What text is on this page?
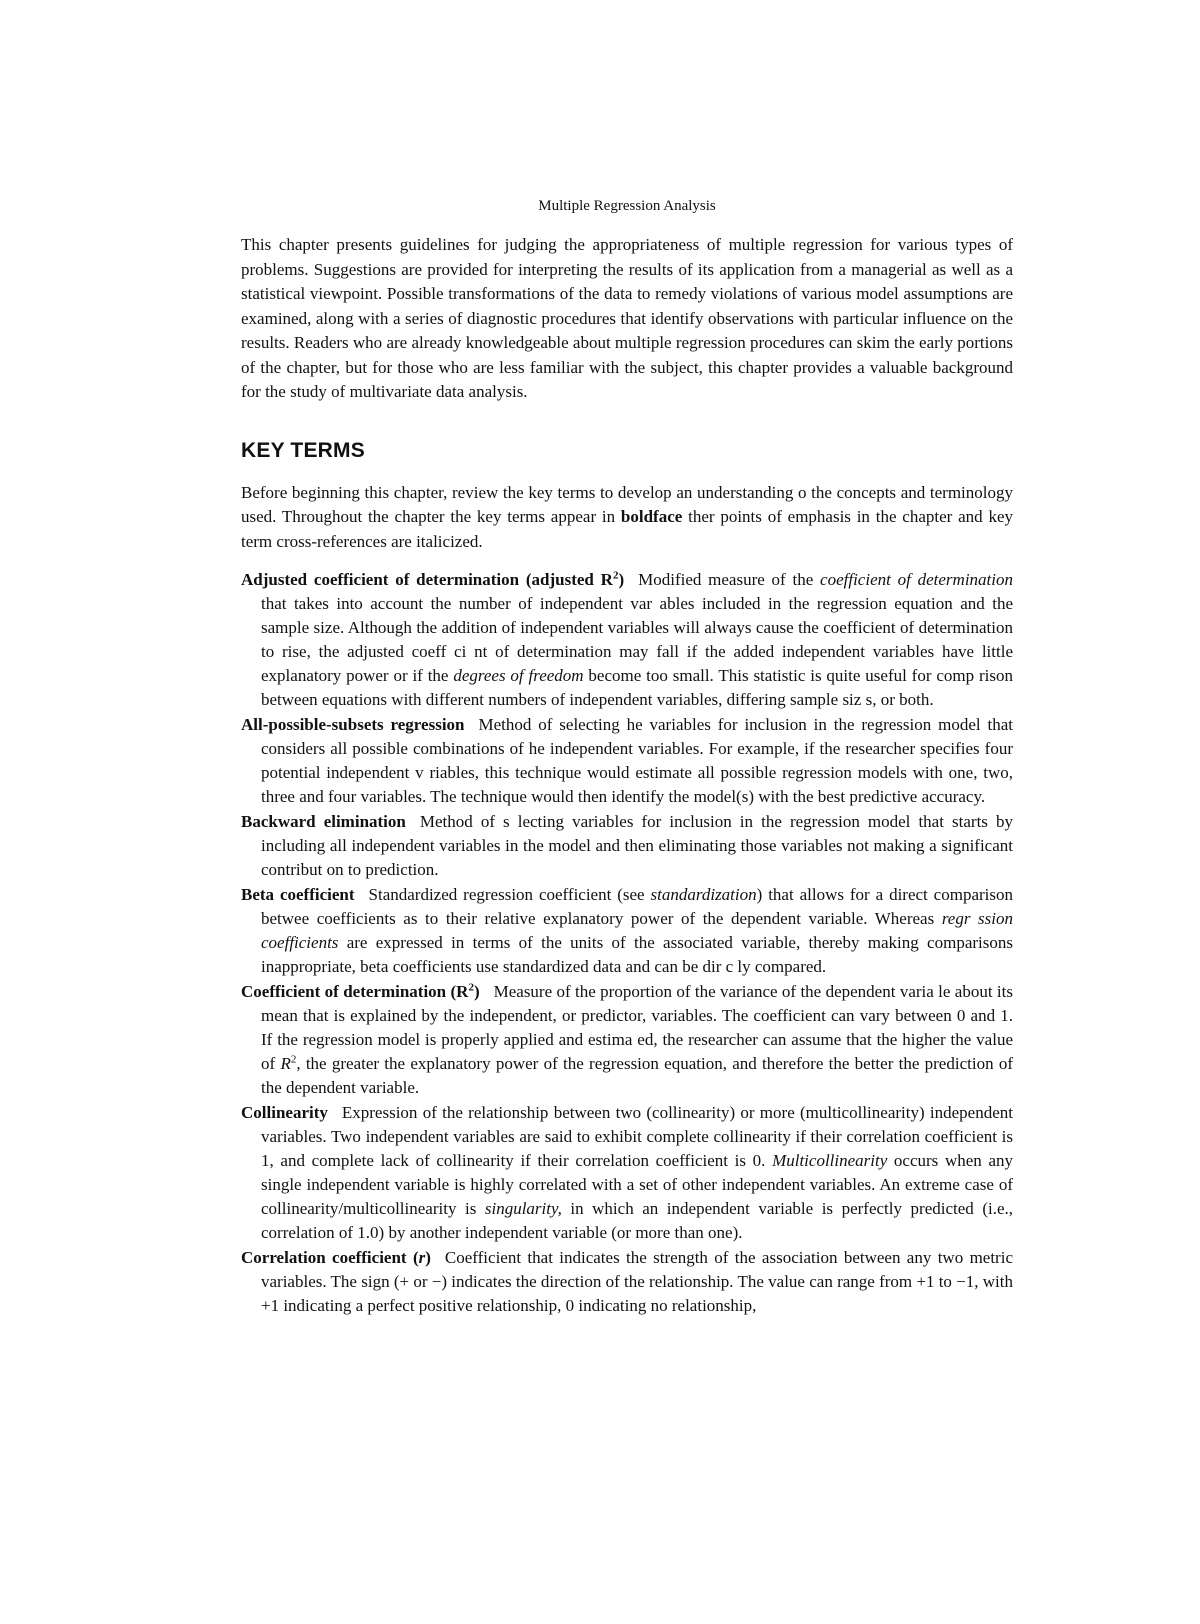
Multiple Regression Analysis

This chapter presents guidelines for judging the appropriateness of multiple regression for various types of problems. Suggestions are provided for interpreting the results of its application from a managerial as well as a statistical viewpoint. Possible transformations of the data to remedy violations of various model assumptions are examined, along with a series of diagnostic procedures that identify observations with particular influence on the results. Readers who are already knowledgeable about multiple regression procedures can skim the early portions of the chapter, but for those who are less familiar with the subject, this chapter provides a valuable background for the study of multivariate data analysis.

KEY TERMS

Before beginning this chapter, review the key terms to develop an understanding o the concepts and terminology used. Throughout the chapter the key terms appear in boldface ther points of emphasis in the chapter and key term cross-references are italicized.

Adjusted coefficient of determination (adjusted $R^2$) Modified measure of the coefficient of determination that takes into account the number of independent var ables included in the regression equation and the sample size. Although the addition of independent variables will always cause the coefficient of determination to rise, the adjusted coeff ci nt of determination may fall if the added independent variables have little explanatory power or if the degrees of freedom become too small. This statistic is quite useful for comp rison between equations with different numbers of independent variables, differing sample siz s, or both.
All-possible-subsets regression Method of selecting he variables for inclusion in the regression model that considers all possible combinations of he independent variables. For example, if the researcher specifies four potential independent v riables, this technique would estimate all possible regression models with one, two, three and four variables. The technique would then identify the model(s) with the best predictive accuracy.
Backward elimination Method of s lecting variables for inclusion in the regression model that starts by including all independent variables in the model and then eliminating those variables not making a significant contribut on to prediction.
Beta coefficient Standardized regression coefficient (see standardization) that allows for a direct comparison betwee coefficients as to their relative explanatory power of the dependent variable. Whereas regr ssion coefficients are expressed in terms of the units of the associated variable, thereby making comparisons inappropriate, beta coefficients use standardized data and can be dir c ly compared.
Coefficient of determination $(R^2)$ Measure of the proportion of the variance of the dependent varia le about its mean that is explained by the independent, or predictor, variables. The coefficient can vary between 0 and 1. If the regression model is properly applied and estima ed, the researcher can assume that the higher the value of $R^2$, the greater the explanatory power of the regression equation, and therefore the better the prediction of the dependent variable.
Collinearity Expression of the relationship between two (collinearity) or more (multicollinearity) independent variables. Two independent variables are said to exhibit complete collinearity if their correlation coefficient is 1, and complete lack of collinearity if their correlation coefficient is 0. Multicollinearity occurs when any single independent variable is highly correlated with a set of other independent variables. An extreme case of collinearity/multicollinearity is singularity, in which an independent variable is perfectly predicted (i.e., correlation of 1.0) by another independent variable (or more than one).
Correlation coefficient (r) Coefficient that indicates the strength of the association between any two metric variables. The sign (+ or −) indicates the direction of the relationship. The value can range from +1 to −1, with +1 indicating a perfect positive relationship, 0 indicating no relationship,
